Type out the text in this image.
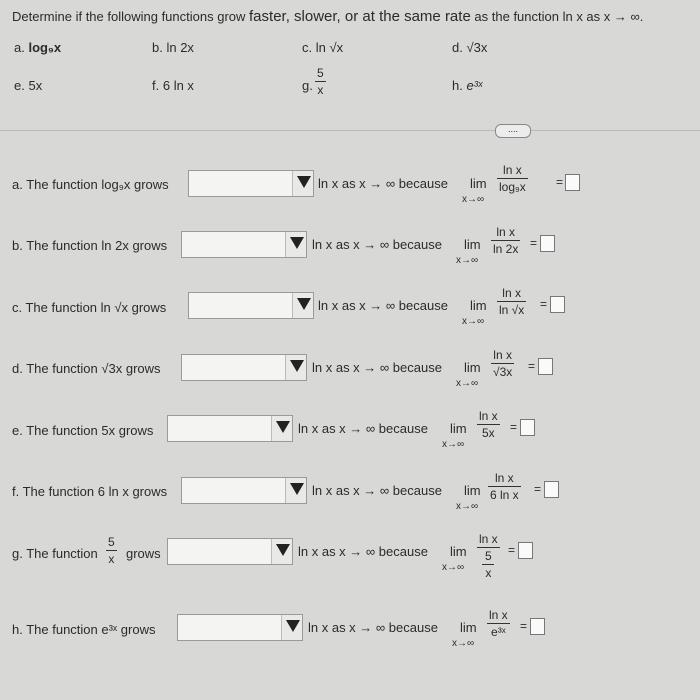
Determine if the following functions grow faster, slower, or at the same rate as the function ln x as x → ∞.
a. log₉x	b. ln 2x	c. ln √x	d. √3x
e. 5x	f. 6 ln x	g.
5
x	h. e³ˣ
....
a. The function log₉x grows	ln x as x → ∞ because lim
x→∞
ln x
log₉x	=
b. The function ln 2x grows	ln x as x → ∞ because lim
x→∞
ln x
ln 2x =
c. The function ln √x grows	ln x as x → ∞ because lim
x→∞
ln x
ln √x =
d. The function √3x grows	ln x as x → ∞ because lim
x→∞
ln x
√3x =
e. The function 5x grows	ln x as x → ∞ because lim
x→∞
ln x
5x	=
f. The function 6 ln x grows	ln x as x → ∞ because lim
x→∞
ln x
6 ln x =
g. The function
5
x grows	ln x as x → ∞ because lim
x→∞
ln x
5
x
=
h. The function e³ˣ grows	ln x as x → ∞ because lim
x→∞
ln x
e³ˣ	=
